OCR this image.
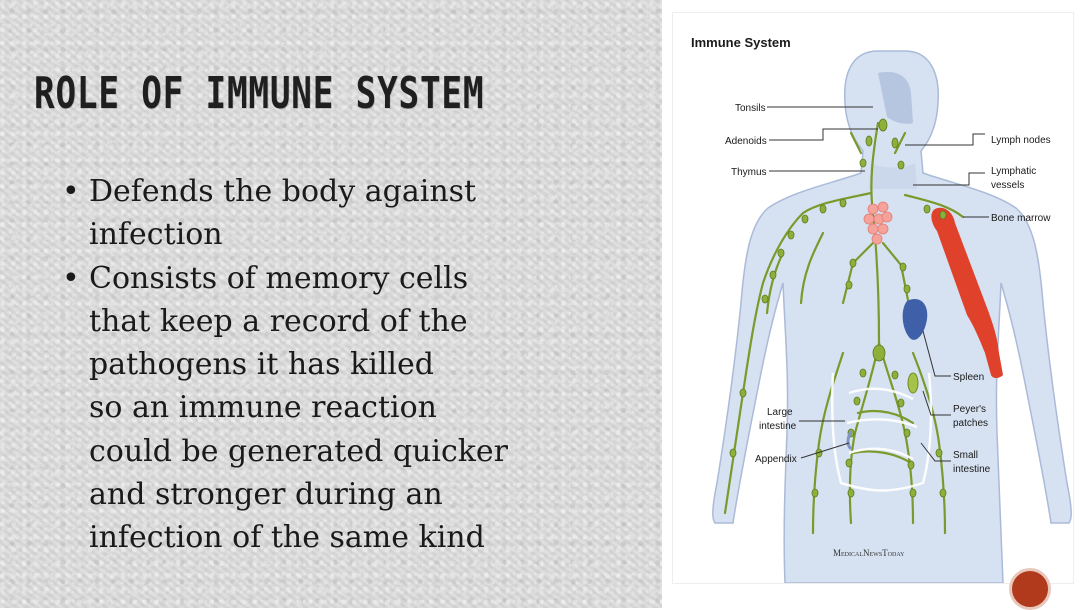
ROLE OF IMMUNE SYSTEM
• Defends the body against
infection
• Consists of memory cells
that keep a record of the
pathogens it has killed
so an immune reaction
could be generated quicker
and stronger during an
infection of the same kind
Immune System
Tonsils
Adenoids
Thymus
Lymph nodes
Lymphatic
vessels
Bone marrow
Spleen
Peyer's
patches
Large
intestine
Small
intestine
Appendix
MedicalNewsToday
